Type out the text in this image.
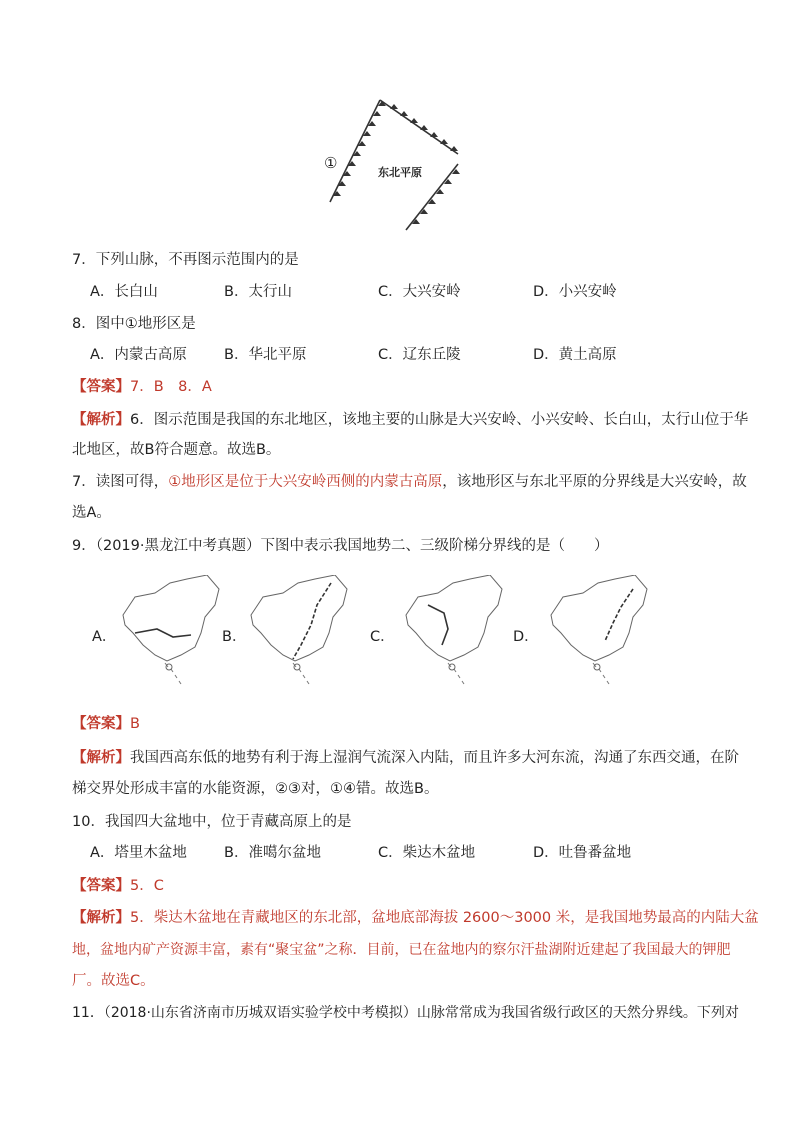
①
东北平原
7．下列山脉，不再图示范围内的是
A．长白山	B．太行山	C．大兴安岭	D．小兴安岭
8．图中①地形区是
A．内蒙古高原	B．华北平原	C．辽东丘陵	D．黄土高原
【答案】7．B　8．A
【解析】6．图示范围是我国的东北地区，该地主要的山脉是大兴安岭、小兴安岭、长白山，太行山位于华
北地区，故B符合题意。故选B。
7．读图可得，①地形区是位于大兴安岭西侧的内蒙古高原，该地形区与东北平原的分界线是大兴安岭，故
选A。
9．（2019·黑龙江中考真题）下图中表示我国地势二、三级阶梯分界线的是（　　）
A．	B．	C．	D．
【答案】B
【解析】我国西高东低的地势有利于海上湿润气流深入内陆，而且许多大河东流，沟通了东西交通，在阶
梯交界处形成丰富的水能资源，②③对，①④错。故选B。
10．我国四大盆地中，位于青藏高原上的是
A．塔里木盆地	B．准噶尔盆地	C．柴达木盆地	D．吐鲁番盆地
【答案】5．C
【解析】5．柴达木盆地在青藏地区的东北部，盆地底部海拔 2600～3000 米，是我国地势最高的内陆大盆
地，盆地内矿产资源丰富，素有“聚宝盆”之称．目前，已在盆地内的察尔汗盐湖附近建起了我国最大的钾肥
厂。故选C。
11．（2018·山东省济南市历城双语实验学校中考模拟）山脉常常成为我国省级行政区的天然分界线。下列对
